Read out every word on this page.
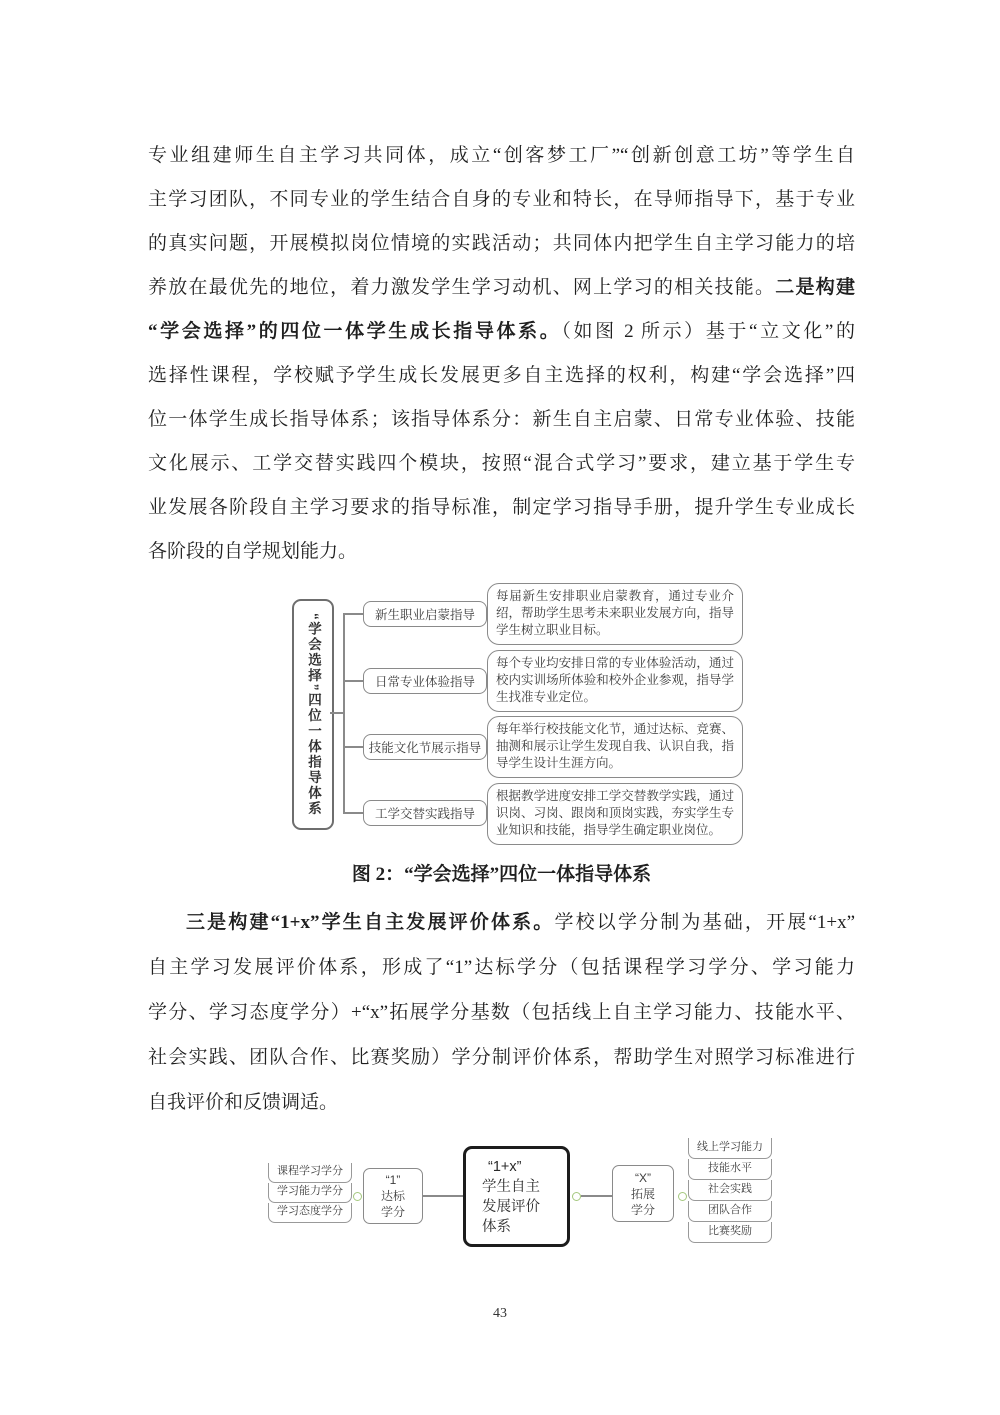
专业组建师生自主学习共同体，成立“创客梦工厂”“创新创意工坊”等学生自
主学习团队，不同专业的学生结合自身的专业和特长，在导师指导下，基于专业
的真实问题，开展模拟岗位情境的实践活动；共同体内把学生自主学习能力的培
养放在最优先的地位，着力激发学生学习动机、网上学习的相关技能。二是构建
“学会选择”的四位一体学生成长指导体系。（如图 2 所示）基于“立文化”的
选择性课程，学校赋予学生成长发展更多自主选择的权利，构建“学会选择”四
位一体学生成长指导体系；该指导体系分：新生自主启蒙、日常专业体验、技能
文化展示、工学交替实践四个模块，按照“混合式学习”要求，建立基于学生专
业发展各阶段自主学习要求的指导标准，制定学习指导手册，提升学生专业成长
各阶段的自学规划能力。
“学会选择”四位一体指导体系	新生职业启蒙指导
每届新生安排职业启蒙教育，通过专业介绍，帮助学生思考未来职业发展方向，指导学生树立职业目标。
日常专业体验指导
每个专业均安排日常的专业体验活动，通过校内实训场所体验和校外企业参观，指导学生找准专业定位。
技能文化节展示指导
每年举行校技能文化节，通过达标、竞赛、抽测和展示让学生发现自我、认识自我，指导学生设计生涯方向。
工学交替实践指导
根据教学进度安排工学交替教学实践，通过识岗、习岗、跟岗和顶岗实践，夯实学生专业知识和技能，指导学生确定职业岗位。
图 2：“学会选择”四位一体指导体系
三是构建“1+x”学生自主发展评价体系。学校以学分制为基础，开展“1+x”
自主学习发展评价体系，形成了“1”达标学分（包括课程学习学分、学习能力
学分、学习态度学分）+“x”拓展学分基数（包括线上自主学习能力、技能水平、
社会实践、团队合作、比赛奖励）学分制评价体系，帮助学生对照学习标准进行
自我评价和反馈调适。
课程学习学分
学习能力学分
学习态度学分
“1”
达标
学分
“1+x”
学生自主
发展评价
体系
“X”
拓展
学分
线上学习能力
技能水平
社会实践
团队合作
比赛奖励
43
